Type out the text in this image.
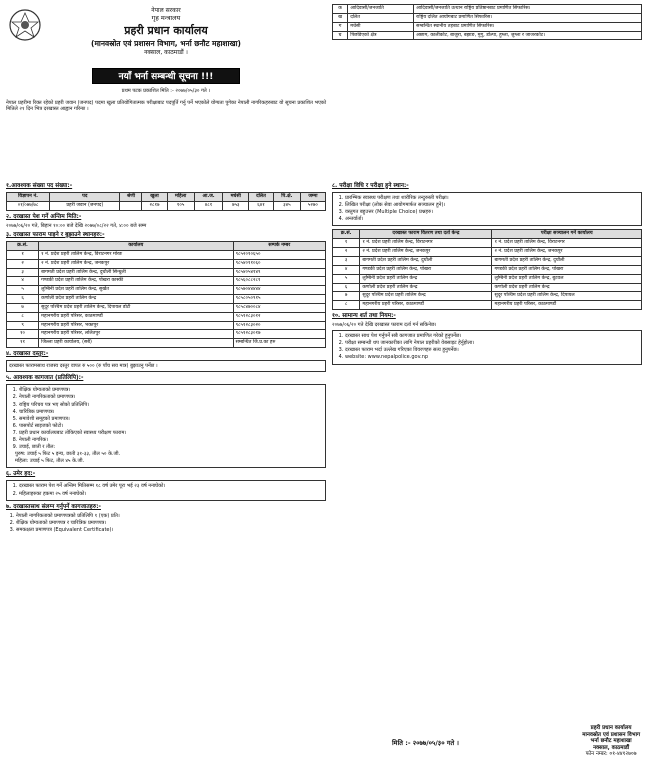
नेपाल सरकार
गृह मन्त्रालय
प्रहरी प्रधान कार्यालय
(मानवस्रोत एवं प्रशासन विभाग, भर्ना छनौट महाशाखा)
नक्साल, काठमाडौं ।
नयाँ भर्ना सम्बन्धी सूचना !!!
प्रथम पटक प्रकाशित मिति :- २०७७/०५/३० गते ।
नेपाल प्रहरीमा रिक्त रहेको प्रहरी जवान (जनपद) पदमा खुला प्रतियोगितात्मक परीक्षाबाट पदपूर्ति गर्नु पर्ने भएकोले योग्यता पुगेका नेपाली नागरिकहरुबाट यो सूचना प्रकाशित भएको मितिले २१ दिन भित्र दरखास्त आह्वान गरिन्छ ।
क	आदिवासी/जनजाति	आदिवासी/जनजाति उत्थान राष्ट्रिय प्रतिष्ठानबाट प्रमाणित सिफारिस।
ख	दलित	राष्ट्रिय दलित आयोगबाट प्रमाणित सिफारिस।
ग	मधेसी	सम्बन्धित स्थानीय तहबाट प्रमाणित सिफारिस।
घ	पिछडिएको क्षेत्र	अछाम, कालीकोट, बाजुरा, बझाङ, मुगु, डोल्पा, हुम्ला, जुम्ला र जाजरकोट।
१.आवश्यक संख्या पद संख्या:-
विज्ञापन नं.	पद	श्रेणी	खुला	महिला	आ.ज.	मधेसी	दलित	पि.क्षे.	जम्मा
०१/०७७/७८	प्रहरी जवान (जनपद)		२८१७	१०५	४८१	७५३	६४१	३४५	५२७०
२. दरखास्त पेश गर्ने अन्तिम मिति:-
२०७७/०६/२० गते, बिहान १०:०० बजे देखि २०७७/०८/२२ गते, ४:०० बजे सम्म
३. दरखास्त फाराम पाइने र बुझाउने स्थानहरु:-
क्र.सं.	कार्यालय	सम्पर्क नम्बर
१	१ नं. प्रदेश प्रहरी तालिम केन्द्र, विराटनगर मोरङ	९८५२०१०६५०
२	२ नं. प्रदेश प्रहरी तालिम केन्द्र, जनकपुर	९८५४०११०६०
३	बागमती प्रदेश प्रहरी तालिम केन्द्र, दुधौली सिन्धुली	९८५४०५४१४९
४	गण्डकी प्रदेश प्रहरी तालिम केन्द्र, पोखरा कास्की	९८५६०८८२८१
५	लुम्बिनी प्रदेश प्रहरी तालिम केन्द्र, सुर्खेत	९८५७०४४४४४
६	कर्णाली प्रदेश प्रहरी तालिम केन्द्र	९८५८०५०९१५
७	सुदूर पश्चिम प्रदेश प्रहरी तालिम केन्द्र, दिपायल डोटी	९८५८४७००८४
८	महानगरीय प्रहरी परिसर, काठमाण्डौं	९८५१२८३०१२
९	महानगरीय प्रहरी परिसर, भक्तपुर	९८५१२८३०२०
१०	महानगरीय प्रहरी परिसर, ललितपुर	९८५१२८३०१७
११	जिल्ला प्रहरी कार्यालय, (सबै)	सम्बन्धित जि.प्र.का हरु
४. दरखास्त दस्तुर:-
दरखास्त फारामसाथ राजस्व दस्तुर वापत रु ५०० (रु पाँच सय मात्र) बुझाउनु पर्नेछ ।
५. आवश्यक कागजात (प्रतिलिपि):-
1. शैक्षिक योग्यताको प्रमाणपत्र।
2. नेपाली नागरिकताको प्रमाणपत्र।
3. राष्ट्रिय परिचय पत्र भए सोको प्रतिलिपि।
4. चारित्रिक प्रमाणपत्र।
5. समावेशी समूहको प्रमाणपत्र।
6. पासपोर्ट साइजको फोटो।
7. प्रहरी प्रधान कार्यालयबाट तोकिएको स्वास्थ्य परीक्षण फाराम।
8. नेपाली नागरिक।
9. उचाई, छाती र तौल:
पुरुष: उचाई ५ फिट ५ इन्च, छाती ३१-३३, तौल ५० के.जी.
महिला: उचाई ५ फिट, तौल ४५ के.जी.
६. उमेर हद:-
1. दरखास्त फाराम पेश गर्ने अन्तिम मितिसम्म १८ वर्ष उमेर पूरा भई २३ वर्ष ननाघेको।
2. महिलाहरुका हकमा २५ वर्ष ननाघेको।
७. दरखास्तसाथ संलग्न गर्नुपर्ने कागजातहरु:-
1. नेपाली नागरिकताको प्रमाणपत्रको प्रतिलिपि १ (एक) प्रति।
2. शैक्षिक योग्यताको प्रमाणपत्र र चारित्रिक प्रमाणपत्र।
3. समकक्षता प्रमाणपत्र (Equivalent Certificate)।
८. परीक्षा विधि र परीक्षा हुने स्थान:-
1. प्रारम्भिक स्वास्थ्य परीक्षण तथा शारीरिक तन्दुरुस्ती परीक्षा।
2. लिखित परीक्षा (लोक सेवा आयोगमार्फत सञ्चालन हुने)।
3. वस्तुगत बहुउत्तर (Multiple Choice) प्रश्नहरु।
4. अन्तर्वार्ता।
क्र.सं.	दरखास्त फाराम वितरण तथा दर्ता केन्द्र	परीक्षा सञ्चालन गर्ने कार्यालय
१	१ नं. प्रदेश प्रहरी तालिम केन्द्र, विराटनगर	१ नं. प्रदेश प्रहरी तालिम केन्द्र, विराटनगर
२	२ नं. प्रदेश प्रहरी तालिम केन्द्र, जनकपुर	२ नं. प्रदेश प्रहरी तालिम केन्द्र, जनकपुर
३	बागमती प्रदेश प्रहरी तालिम केन्द्र, दुधौली	बागमती प्रदेश प्रहरी तालिम केन्द्र, दुधौली
४	गण्डकी प्रदेश प्रहरी तालिम केन्द्र, पोखरा	गण्डकी प्रदेश प्रहरी तालिम केन्द्र, पोखरा
५	लुम्बिनी प्रदेश प्रहरी तालिम केन्द्र	लुम्बिनी प्रदेश प्रहरी तालिम केन्द्र, बुटवल
६	कर्णाली प्रदेश प्रहरी तालिम केन्द्र	कर्णाली प्रदेश प्रहरी तालिम केन्द्र
७	सुदूर पश्चिम प्रदेश प्रहरी तालिम केन्द्र	सुदूर पश्चिम प्रदेश प्रहरी तालिम केन्द्र, दिपायल
८	महानगरीय प्रहरी परिसर, काठमाण्डौं	महानगरीय प्रहरी परिसर, काठमाण्डौं
१०. सामान्य शर्त तथा नियम:-
२०७७/०६/२० गते देखि दरखास्त फाराम दर्ता गर्न सकिनेछ।
1. दरखास्त साथ पेश गर्नुपर्ने सबै कागजात प्रमाणित गरेको हुनुपर्नेछ।
2. परीक्षा सम्बन्धी थप जानकारीका लागि नेपाल प्रहरीको वेबसाइट हेर्नुहोला।
3. दरखास्त फाराम भर्दा उल्लेख गरिएका विवरणहरु सत्य हुनुपर्नेछ।
4. website: www.nepalpolice.gov.np
मिति :- २०७७/०५/३० गते ।
प्रहरी प्रधान कार्यालय
मानवस्रोत एवं प्रशासन विभाग
भर्ना छनौट महाशाखा
नक्साल, काठमाडौं
फोन नम्बर: ०१-४४१२७०७
